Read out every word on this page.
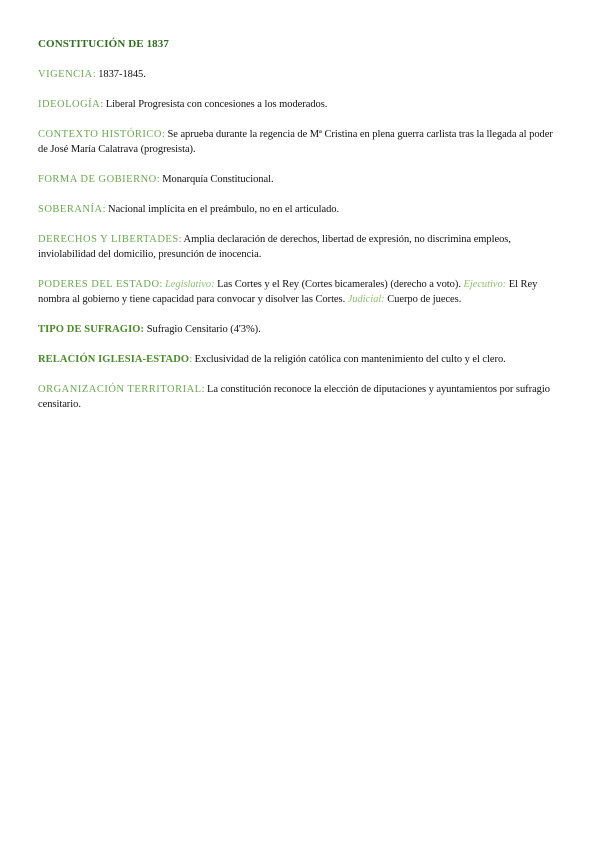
CONSTITUCIÓN DE 1837

VIGENCIA: 1837-1845.

IDEOLOGÍA: Liberal Progresista con concesiones a los moderados.

CONTEXTO HISTÓRICO: Se aprueba durante la regencia de Mª Cristina en plena guerra carlista tras la llegada al poder de José María Calatrava (progresista).

FORMA DE GOBIERNO: Monarquía Constitucional.

SOBERANÍA: Nacional implícita en el preámbulo, no en el articulado.

DERECHOS Y LIBERTADES: Amplia declaración de derechos, libertad de expresión, no discrimina empleos, inviolabilidad del domicilio, presunción de inocencia.

PODERES DEL ESTADO: Legislativo: Las Cortes y el Rey (Cortes bicamerales) (derecho a voto). Ejecutivo: El Rey nombra al gobierno y tiene capacidad para convocar y disolver las Cortes. Judicial: Cuerpo de jueces.

TIPO DE SUFRAGIO: Sufragio Censitario (4'3%).

RELACIÓN IGLESIA-ESTADO: Exclusividad de la religión católica con mantenimiento del culto y el clero.

ORGANIZACIÓN TERRITORIAL: La constitución reconoce la elección de diputaciones y ayuntamientos por sufragio censitario.
